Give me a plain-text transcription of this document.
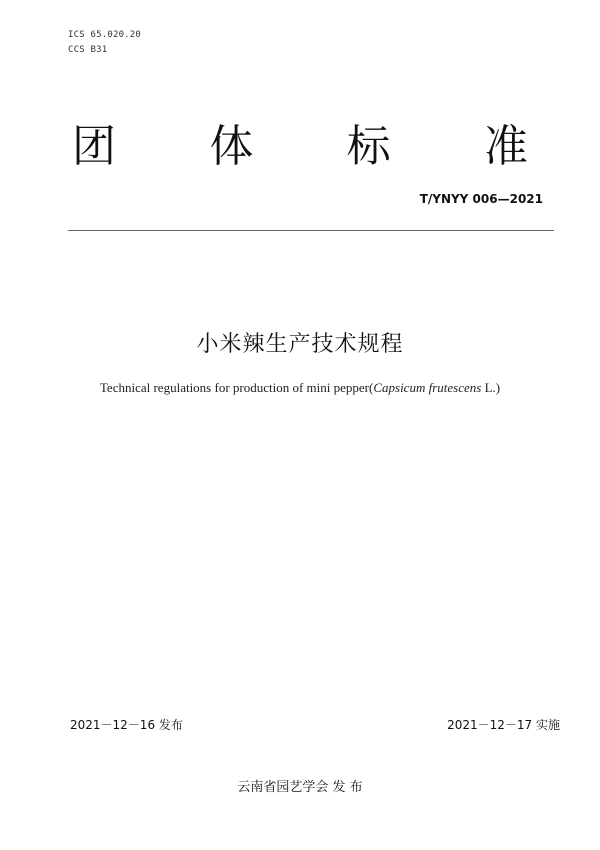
ICS 65.020.20
CCS B31
团 体 标 准
T/YNYY 006—2021
小米辣生产技术规程
Technical regulations for production of mini pepper(Capsicum frutescens L.)
2021－12－16 发布	2021－12－17 实施
云南省园艺学会 发 布
